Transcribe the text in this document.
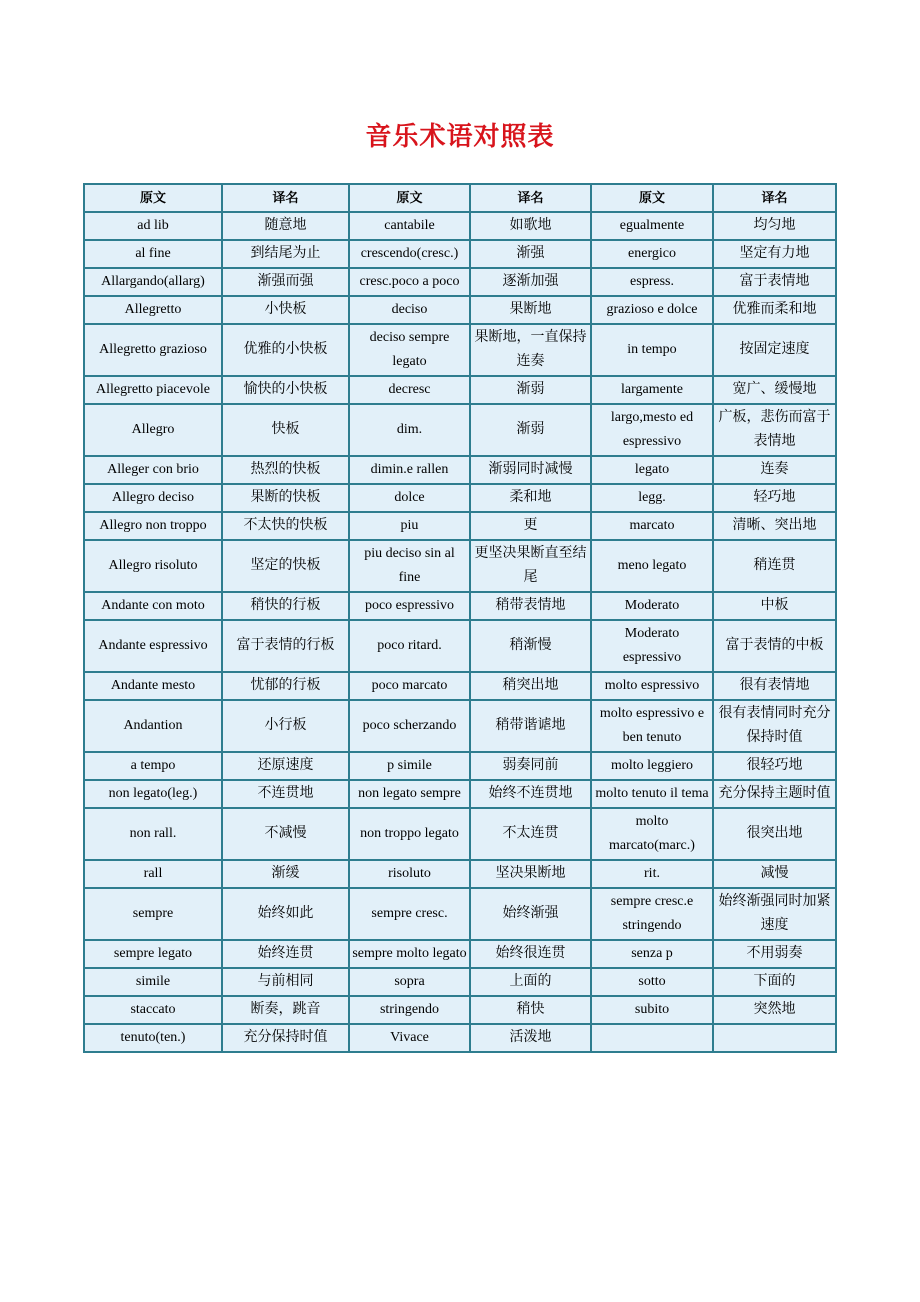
音乐术语对照表
原文	译名	原文	译名	原文	译名
ad lib	随意地	cantabile	如歌地	egualmente	均匀地
al fine	到结尾为止	crescendo(cresc.)	渐强	energico	坚定有力地
Allargando(allarg)	渐强而强	cresc.poco a poco	逐渐加强	espress.	富于表情地
Allegretto	小快板	deciso	果断地	grazioso e dolce	优雅而柔和地
Allegretto grazioso	优雅的小快板	deciso sempre legato	果断地，一直保持连奏	in tempo	按固定速度
Allegretto piacevole	愉快的小快板	decresc	渐弱	largamente	宽广、缓慢地
Allegro	快板	dim.	渐弱	largo,mesto ed espressivo	广板，悲伤而富于表情地
Alleger con brio	热烈的快板	dimin.e rallen	渐弱同时减慢	legato	连奏
Allegro deciso	果断的快板	dolce	柔和地	legg.	轻巧地
Allegro non troppo	不太快的快板	piu	更	marcato	清晰、突出地
Allegro risoluto	坚定的快板	piu deciso sin al fine	更坚决果断直至结尾	meno legato	稍连贯
Andante con moto	稍快的行板	poco espressivo	稍带表情地	Moderato	中板
Andante espressivo	富于表情的行板	poco ritard.	稍渐慢	Moderato espressivo	富于表情的中板
Andante mesto	忧郁的行板	poco marcato	稍突出地	molto espressivo	很有表情地
Andantion	小行板	poco scherzando	稍带谐谑地	molto espressivo e ben tenuto	很有表情同时充分保持时值
a tempo	还原速度	p simile	弱奏同前	molto leggiero	很轻巧地
non legato(leg.)	不连贯地	non legato sempre	始终不连贯地	molto tenuto il tema	充分保持主题时值
non rall.	不减慢	non troppo legato	不太连贯	molto marcato(marc.)	很突出地
rall	渐缓	risoluto	坚决果断地	rit.	减慢
sempre	始终如此	sempre cresc.	始终渐强	sempre cresc.e stringendo	始终渐强同时加紧速度
sempre legato	始终连贯	sempre molto legato	始终很连贯	senza p	不用弱奏
simile	与前相同	sopra	上面的	sotto	下面的
staccato	断奏，跳音	stringendo	稍快	subito	突然地
tenuto(ten.)	充分保持时值	Vivace	活泼地		
